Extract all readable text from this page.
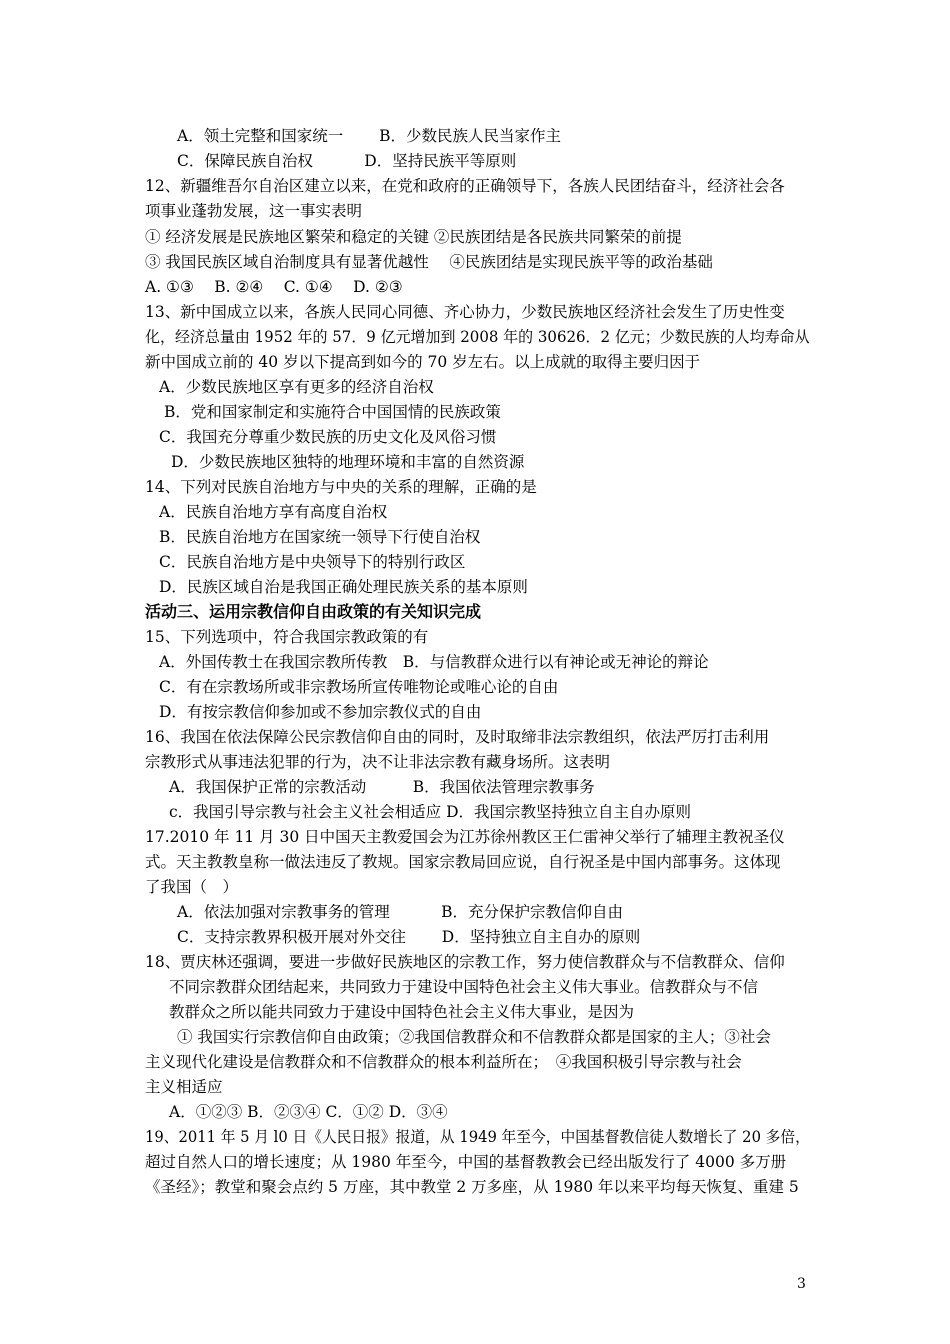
A．领土完整和国家统一　　 B．少数民族人民当家作主
C．保障民族自治权　　　 D．坚持民族平等原则
12、新疆维吾尔自治区建立以来，在党和政府的正确领导下，各族人民团结奋斗，经济社会各
项事业蓬勃发展，这一事实表明
① 经济发展是民族地区繁荣和稳定的关键 ②民族团结是各民族共同繁荣的前提
③ 我国民族区域自治制度具有显著优越性　 ④民族团结是实现民族平等的政治基础
A. ①③　 B. ②④　 C. ①④　 D. ②③
13、新中国成立以来，各族人民同心同德、齐心协力，少数民族地区经济社会发生了历史性变
化，经济总量由 1952 年的 57．9 亿元增加到 2008 年的 30626．2 亿元；少数民族的人均寿命从
新中国成立前的 40 岁以下提高到如今的 70 岁左右。以上成就的取得主要归因于
A．少数民族地区享有更多的经济自治权
B．党和国家制定和实施符合中国国情的民族政策
C．我国充分尊重少数民族的历史文化及风俗习惯
D．少数民族地区独特的地理环境和丰富的自然资源
14、下列对民族自治地方与中央的关系的理解，正确的是
A．民族自治地方享有高度自治权
B．民族自治地方在国家统一领导下行使自治权
C．民族自治地方是中央领导下的特别行政区
D．民族区域自治是我国正确处理民族关系的基本原则
活动三、运用宗教信仰自由政策的有关知识完成
15、下列选项中，符合我国宗教政策的有
A．外国传教士在我国宗教所传教　B．与信教群众进行以有神论或无神论的辩论
C．有在宗教场所或非宗教场所宣传唯物论或唯心论的自由
D．有按宗教信仰参加或不参加宗教仪式的自由
16、我国在依法保障公民宗教信仰自由的同时，及时取缔非法宗教组织，依法严厉打击利用
宗教形式从事违法犯罪的行为，决不让非法宗教有藏身场所。这表明
A．我国保护正常的宗教活动　　　B．我国依法管理宗教事务
c．我国引导宗教与社会主义社会相适应 D．我国宗教坚持独立自主自办原则
17.2010 年 11 月 30 日中国天主教爱国会为江苏徐州教区王仁雷神父举行了辅理主教祝圣仪
式。天主教教皇称一做法违反了教规。国家宗教局回应说，自行祝圣是中国内部事务。这体现
了我国（　）
A．依法加强对宗教事务的管理　　　 B．充分保护宗教信仰自由
C．支持宗教界积极开展对外交往　　 D．坚持独立自主自办的原则
18、贾庆林还强调，要进一步做好民族地区的宗教工作，努力使信教群众与不信教群众、信仰
不同宗教群众团结起来，共同致力于建设中国特色社会主义伟大事业。信教群众与不信
教群众之所以能共同致力于建设中国特色社会主义伟大事业，是因为
① 我国实行宗教信仰自由政策；②我国信教群众和不信教群众都是国家的主人；③社会
主义现代化建设是信教群众和不信教群众的根本利益所在；　④我国积极引导宗教与社会
主义相适应
A．①②③ B．②③④ C．①② D．③④
19、2011 年 5 月 l0 日《人民日报》报道，从 1949 年至今，中国基督教信徒人数增长了 20 多倍，
超过自然人口的增长速度；从 1980 年至今，中国的基督教教会已经出版发行了 4000 多万册
《圣经》；教堂和聚会点约 5 万座，其中教堂 2 万多座，从 1980 年以来平均每天恢复、重建 5
3
